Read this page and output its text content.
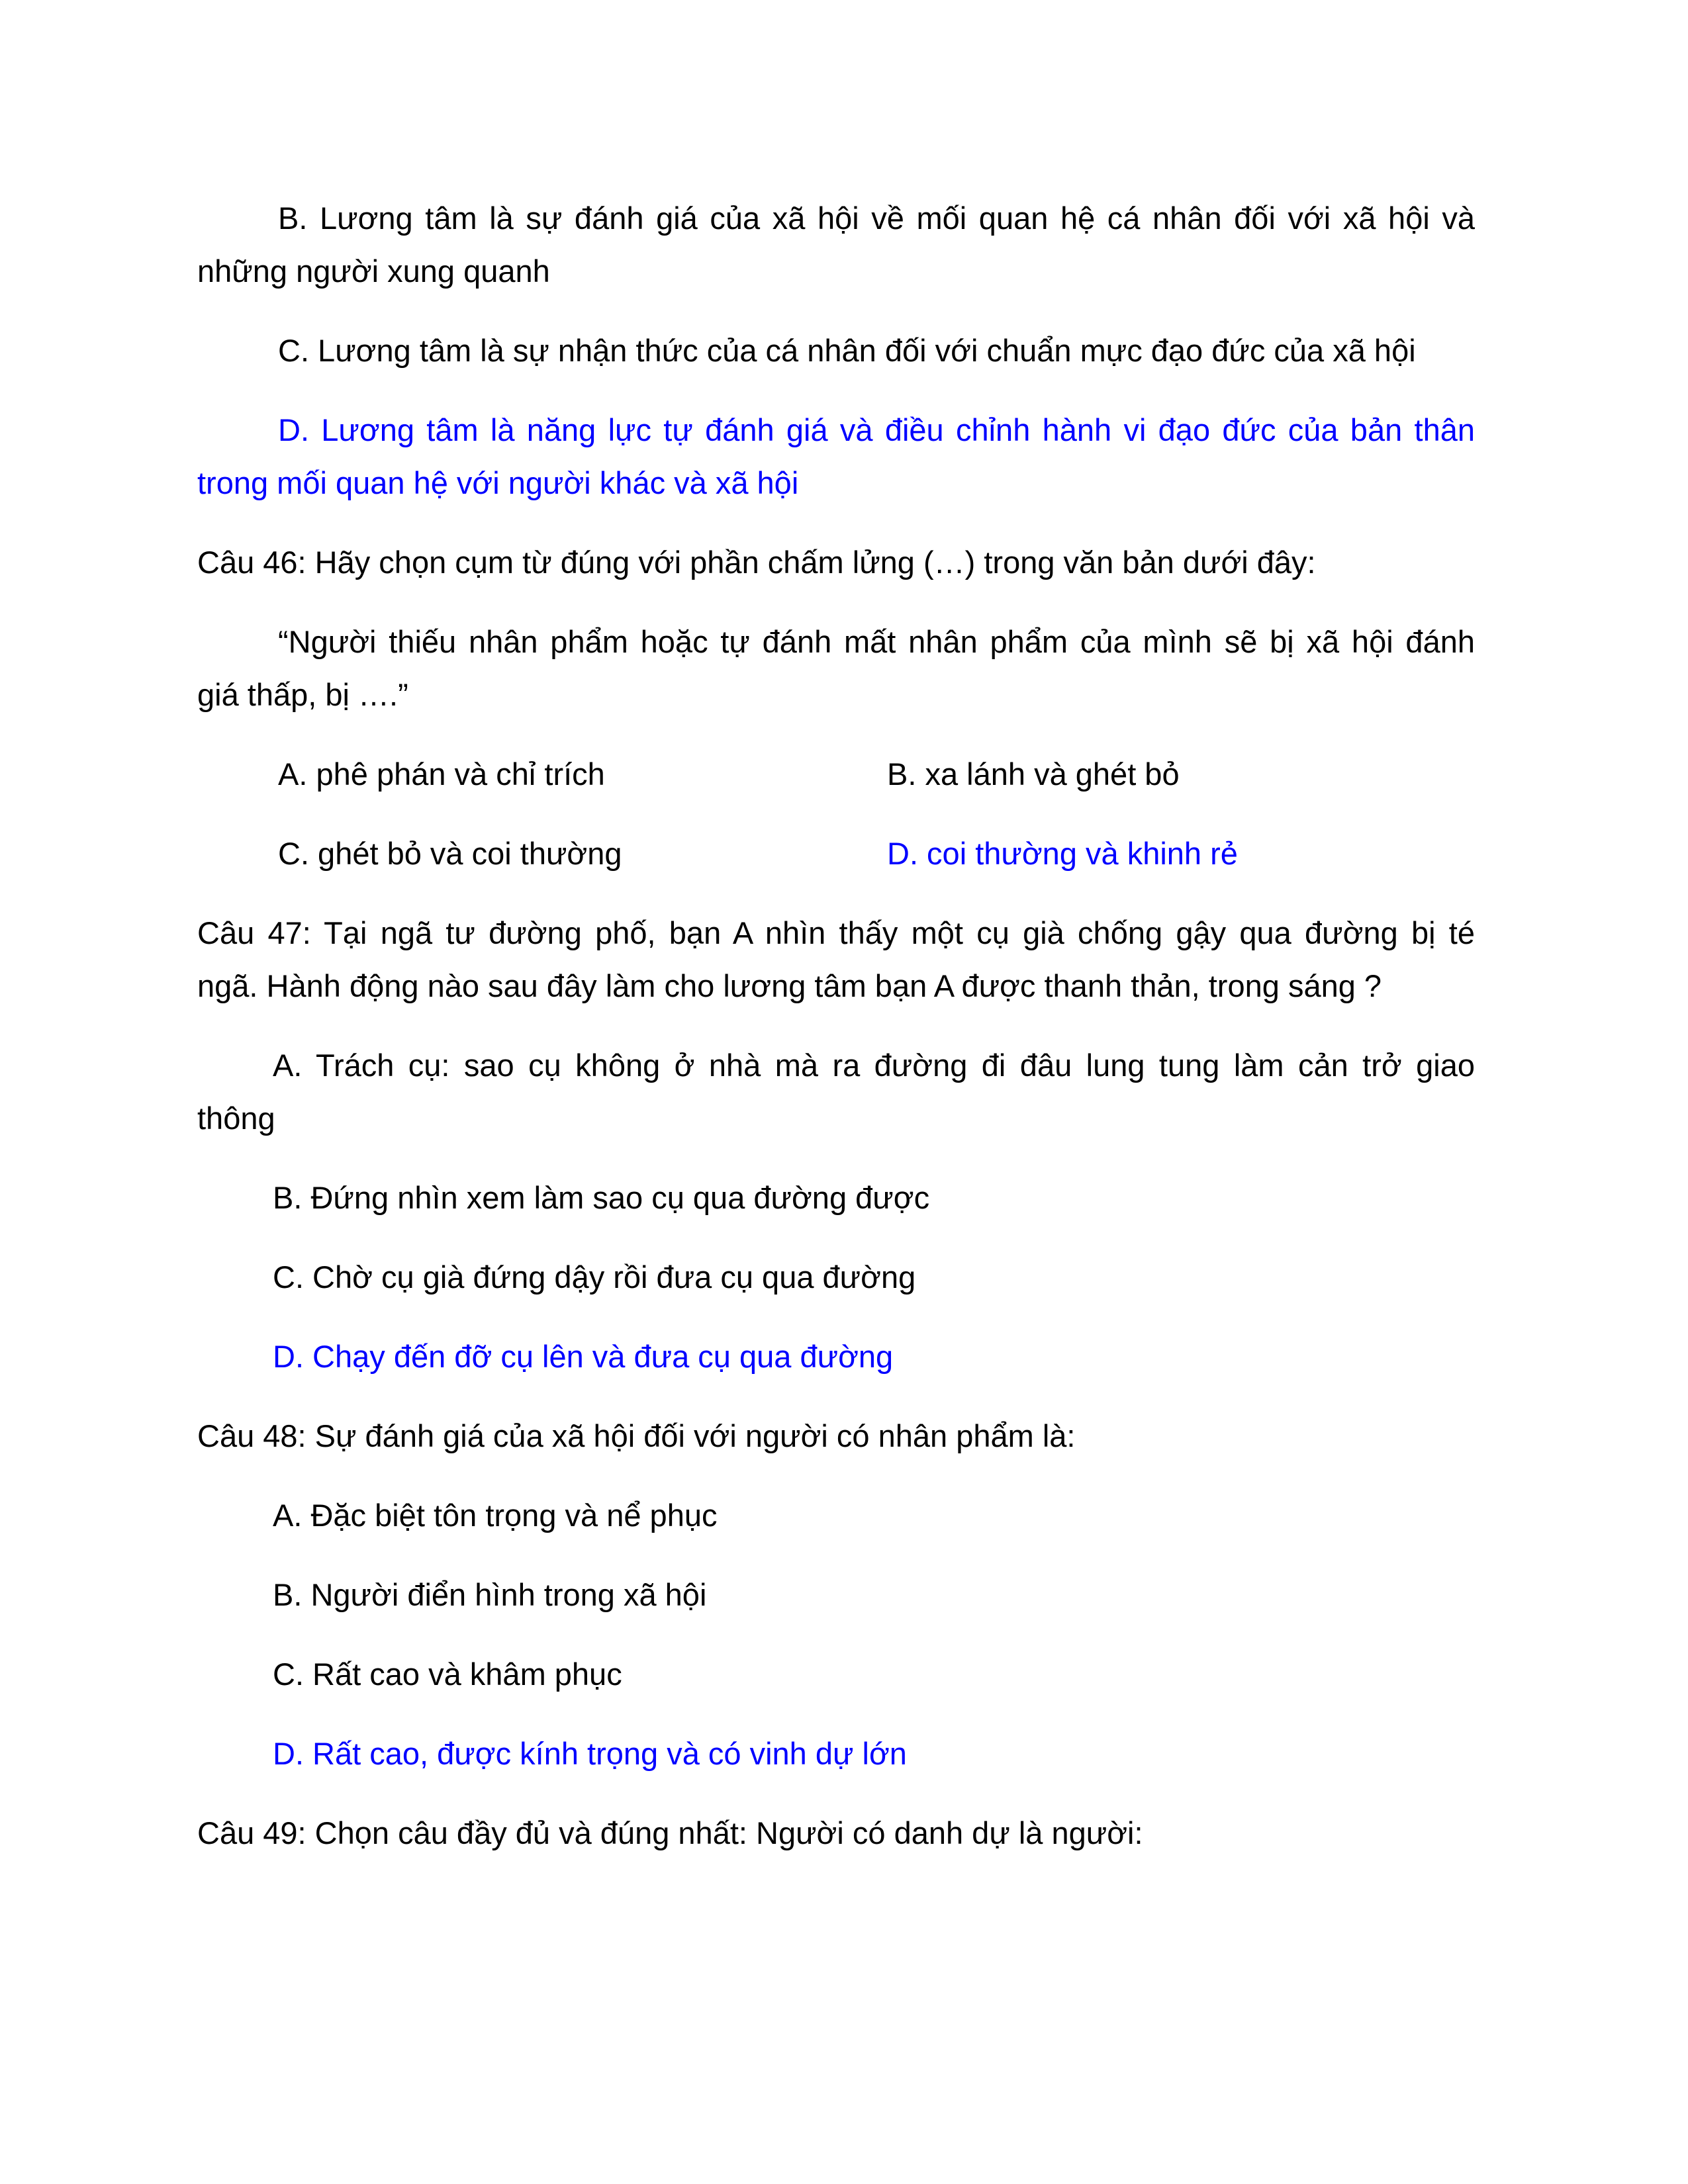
B. Lương tâm là sự đánh giá của xã hội về mối quan hệ cá nhân đối với xã hội và
những người xung quanh
C. Lương tâm là sự nhận thức của cá nhân đối với chuẩn mực đạo đức của xã hội
D. Lương tâm là năng lực tự đánh giá và điều chỉnh hành vi đạo đức của bản thân
trong mối quan hệ với người khác và xã hội
Câu 46: Hãy chọn cụm từ đúng với phần chấm lửng (…) trong văn bản dưới đây:
“Người thiếu nhân phẩm hoặc tự đánh mất nhân phẩm của mình sẽ bị xã hội đánh
giá thấp, bị ….”
A. phê phán và chỉ trích	B. xa lánh và ghét bỏ
C. ghét bỏ và coi thường	D. coi thường và khinh rẻ
Câu 47: Tại ngã tư đường phố, bạn A nhìn thấy một cụ già chống gậy qua đường bị té
ngã. Hành động nào sau đây làm cho lương tâm bạn A được thanh thản, trong sáng ?
A. Trách cụ: sao cụ không ở nhà mà ra đường đi đâu lung tung làm cản trở giao
thông
B. Đứng nhìn xem làm sao cụ qua đường được
C. Chờ cụ già đứng dậy rồi đưa cụ qua đường
D. Chạy đến đỡ cụ lên và đưa cụ qua đường
Câu 48: Sự đánh giá của xã hội đối với người có nhân phẩm là:
A. Đặc biệt tôn trọng và nể phục
B. Người điển hình trong xã hội
C. Rất cao và khâm phục
D. Rất cao, được kính trọng và có vinh dự lớn
Câu 49: Chọn câu đầy đủ và đúng nhất: Người có danh dự là người:
